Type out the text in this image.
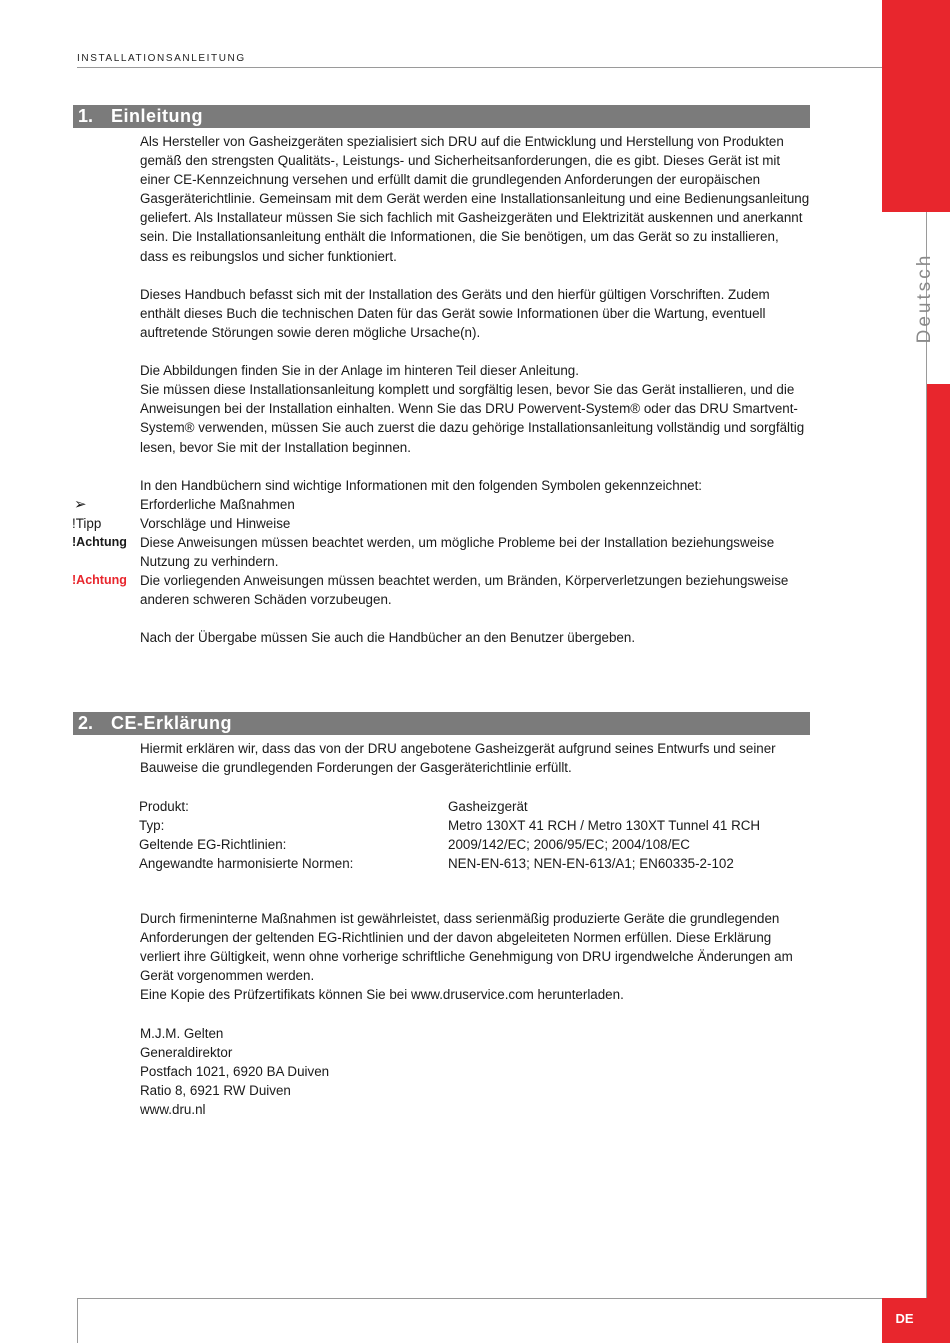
INSTALLATIONSANLEITUNG
Deutsch
1. Einleitung

Als Hersteller von Gasheizgeräten spezialisiert sich DRU auf die Entwicklung und Herstellung von Produkten gemäß den strengsten Qualitäts-, Leistungs- und Sicherheitsanforderungen, die es gibt. Dieses Gerät ist mit einer CE-Kennzeichnung versehen und erfüllt damit die grundlegenden Anforderungen der europäischen Gasgeräterichtlinie. Gemeinsam mit dem Gerät werden eine Installationsanleitung und eine Bedienungsanleitung geliefert. Als Installateur müssen Sie sich fachlich mit Gasheizgeräten und Elektrizität auskennen und anerkannt sein. Die Installationsanleitung enthält die Informationen, die Sie benötigen, um das Gerät so zu installieren, dass es reibungslos und sicher funktioniert.

Dieses Handbuch befasst sich mit der Installation des Geräts und den hierfür gültigen Vorschriften. Zudem enthält dieses Buch die technischen Daten für das Gerät sowie Informationen über die Wartung, eventuell auftretende Störungen sowie deren mögliche Ursache(n).

Die Abbildungen finden Sie in der Anlage im hinteren Teil dieser Anleitung.

Sie müssen diese Installationsanleitung komplett und sorgfältig lesen, bevor Sie das Gerät installieren, und die Anweisungen bei der Installation einhalten. Wenn Sie das DRU Powervent-System® oder das DRU Smartvent-System® verwenden, müssen Sie auch zuerst die dazu gehörige Installationsanleitung vollständig und sorgfältig lesen, bevor Sie mit der Installation beginnen.

In den Handbüchern sind wichtige Informationen mit den folgenden Symbolen gekennzeichnet:

➢	Erforderliche Maßnahmen

!Tipp	Vorschläge und Hinweise

!Achtung Diese Anweisungen müssen beachtet werden, um mögliche Probleme bei der Installation beziehungsweise Nutzung zu verhindern.

!Achtung Die vorliegenden Anweisungen müssen beachtet werden, um Bränden, Körperverletzungen beziehungsweise anderen schweren Schäden vorzubeugen.

Nach der Übergabe müssen Sie auch die Handbücher an den Benutzer übergeben.

2. CE-Erklärung

Hiermit erklären wir, dass das von der DRU angebotene Gasheizgerät aufgrund seines Entwurfs und seiner Bauweise die grundlegenden Forderungen der Gasgeräterichtlinie erfüllt.

Produkt:	Gasheizgerät
Typ:	Metro 130XT 41 RCH / Metro 130XT Tunnel 41 RCH
Geltende EG-Richtlinien:	2009/142/EC; 2006/95/EC; 2004/108/EC
Angewandte harmonisierte Normen:	NEN-EN-613; NEN-EN-613/A1; EN60335-2-102

Durch firmeninterne Maßnahmen ist gewährleistet, dass serienmäßig produzierte Geräte die grundlegenden Anforderungen der geltenden EG-Richtlinien und der davon abgeleiteten Normen erfüllen. Diese Erklärung verliert ihre Gültigkeit, wenn ohne vorherige schriftliche Genehmigung von DRU irgendwelche Änderungen am Gerät vorgenommen werden.

Eine Kopie des Prüfzertifikats können Sie bei www.druservice.com herunterladen.

M.J.M. Gelten

Generaldirektor

Postfach 1021, 6920 BA Duiven

Ratio 8, 6921 RW Duiven

www.dru.nl

DE
